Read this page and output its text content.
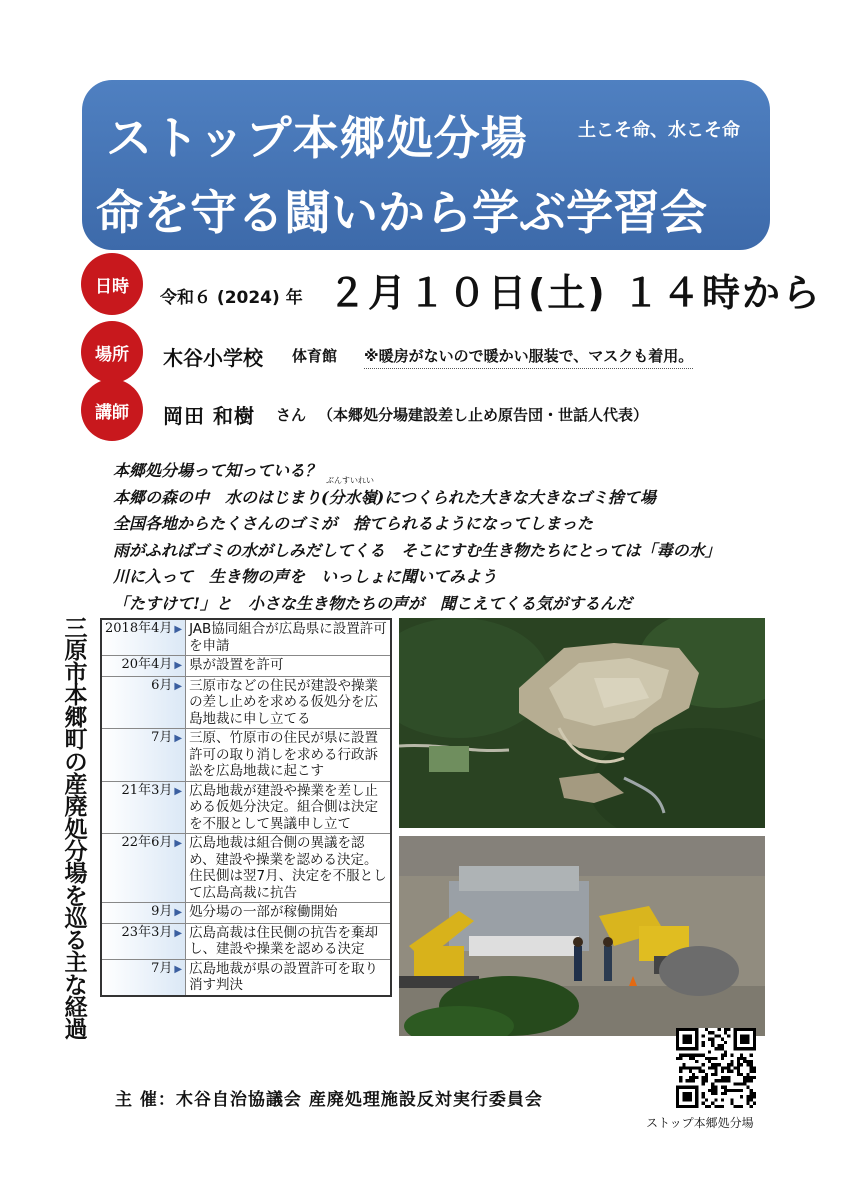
ストップ本郷処分場	土こそ命、水こそ命
命を守る闘いから学ぶ学習会
日時
令和６ (2024) 年 ２月１０日(土) １４時から
場所	木谷小学校 体育館 ※暖房がないので暖かい服装で、マスクも着用。
講師	岡田 和樹 さん （本郷処分場建設差し止め原告団・世話人代表）
本郷処分場って知っている？ ぶんすいれい
本郷の森の中　水のはじまり(分水嶺)につくられた大きな大きなゴミ捨て場
全国各地からたくさんのゴミが　捨てられるようになってしまった
雨がふればゴミの水がしみだしてくる　そこにすむ生き物たちにとっては「毒の水」
川に入って　生き物の声を　いっしょに聞いてみよう
「たすけて!」と　小さな生き物たちの声が　聞こえてくる気がするんだ
三
原
市
本
郷
町
の
産
廃
処
分
場
を
巡
る
主
な
経
過
2018年4月 ▶	JAB協同組合が広島県に設置許可を申請
20年4月 ▶	県が設置を許可
6月 ▶	三原市などの住民が建設や操業の差し止めを求める仮処分を広島地裁に申し立てる
7月 ▶	三原、竹原市の住民が県に設置許可の取り消しを求める行政訴訟を広島地裁に起こす
21年3月 ▶	広島地裁が建設や操業を差し止める仮処分決定。組合側は決定を不服として異議申し立て
22年6月 ▶	広島地裁は組合側の異議を認め、建設や操業を認める決定。住民側は翌7月、決定を不服として広島高裁に抗告
9月 ▶	処分場の一部が稼働開始
23年3月 ▶	広島高裁は住民側の抗告を棄却し、建設や操業を認める決定
7月 ▶	広島地裁が県の設置許可を取り消す判決
主 催：木谷自治協議会 産廃処理施設反対実行委員会
ストップ本郷処分場
